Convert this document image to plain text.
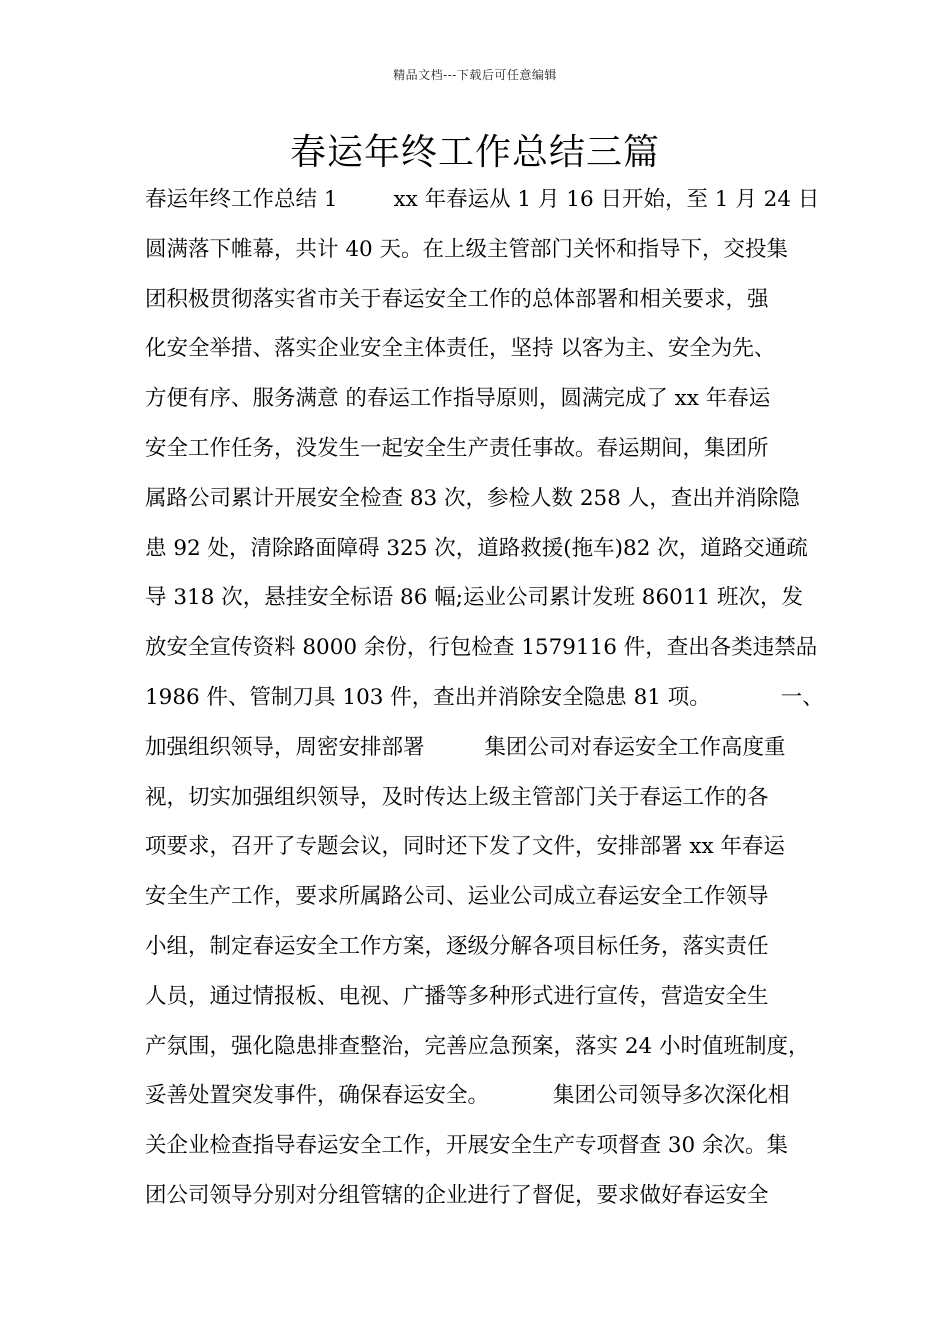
精品文档---下载后可任意编辑
春运年终工作总结三篇
春运年终工作总结 1	xx 年春运从 1 月 16 日开始，至 1 月 24 日
圆满落下帷幕，共计 40 天。在上级主管部门关怀和指导下，交投集
团积极贯彻落实省市关于春运安全工作的总体部署和相关要求，强
化安全举措、落实企业安全主体责任，坚持 以客为主、安全为先、
方便有序、服务满意 的春运工作指导原则，圆满完成了 xx 年春运
安全工作任务，没发生一起安全生产责任事故。春运期间，集团所
属路公司累计开展安全检查 83 次，参检人数 258 人，查出并消除隐
患 92 处，清除路面障碍 325 次，道路救援(拖车)82 次，道路交通疏
导 318 次，悬挂安全标语 86 幅;运业公司累计发班 86011 班次，发
放安全宣传资料 8000 余份，行包检查 1579116 件，查出各类违禁品
1986 件、管制刀具 103 件，查出并消除安全隐患 81 项。	一、
加强组织领导，周密安排部署	集团公司对春运安全工作高度重
视，切实加强组织领导，及时传达上级主管部门关于春运工作的各
项要求，召开了专题会议，同时还下发了文件，安排部署 xx 年春运
安全生产工作，要求所属路公司、运业公司成立春运安全工作领导
小组，制定春运安全工作方案，逐级分解各项目标任务，落实责任
人员，通过情报板、电视、广播等多种形式进行宣传，营造安全生
产氛围，强化隐患排查整治，完善应急预案，落实 24 小时值班制度，
妥善处置突发事件，确保春运安全。	集团公司领导多次深化相
关企业检查指导春运安全工作，开展安全生产专项督查 30 余次。集
团公司领导分别对分组管辖的企业进行了督促，要求做好春运安全
